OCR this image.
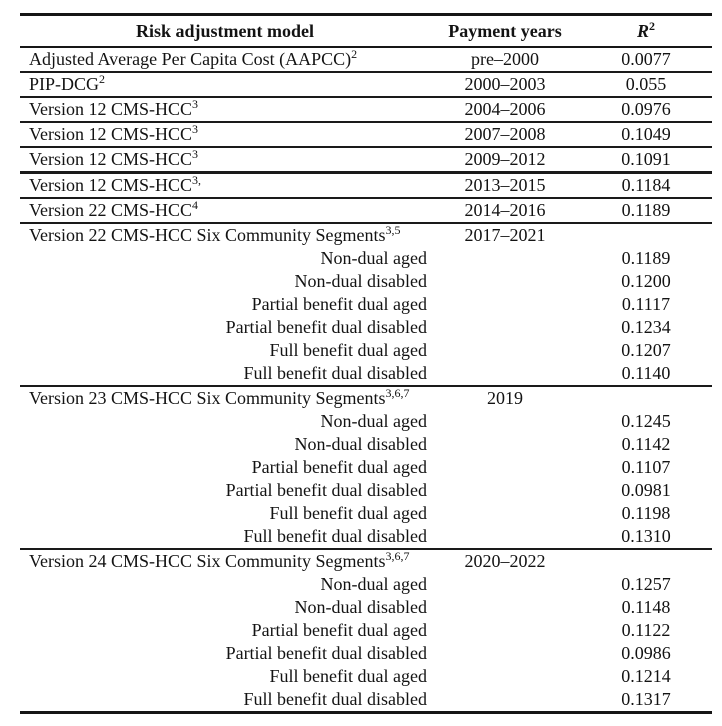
Risk adjustment model	Payment years	$R^2$
Adjusted Average Per Capita Cost (AAPCC)$^2$	pre–2000	0.0077
PIP-DCG$^2$	2000–2003	0.055
Version 12 CMS-HCC$^3$	2004–2006	0.0976
Version 12 CMS-HCC$^3$	2007–2008	0.1049
Version 12 CMS-HCC$^3$	2009–2012	0.1091
Version 12 CMS-$HCC^{3,}$	2013–2015	0.1184
Version 22 CMS-HCC$^4$	2014–2016	0.1189
Version 22 CMS-HCC Six Community Segments$^{3,5}$	2017–2021	
Non-dual aged		0.1189
Non-dual disabled		0.1200
Partial benefit dual aged		0.1117
Partial benefit dual disabled		0.1234
Full benefit dual aged		0.1207
Full benefit dual disabled		0.1140
Version 23 CMS-HCC Six Community Segments$^{3,6,7}$	2019	
Non-dual aged		0.1245
Non-dual disabled		0.1142
Partial benefit dual aged		0.1107
Partial benefit dual disabled		0.0981
Full benefit dual aged		0.1198
Full benefit dual disabled		0.1310
Version 24 CMS-HCC Six Community Segments$^{3,6,7}$	2020–2022	
Non-dual aged		0.1257
Non-dual disabled		0.1148
Partial benefit dual aged		0.1122
Partial benefit dual disabled		0.0986
Full benefit dual aged		0.1214
Full benefit dual disabled		0.1317
